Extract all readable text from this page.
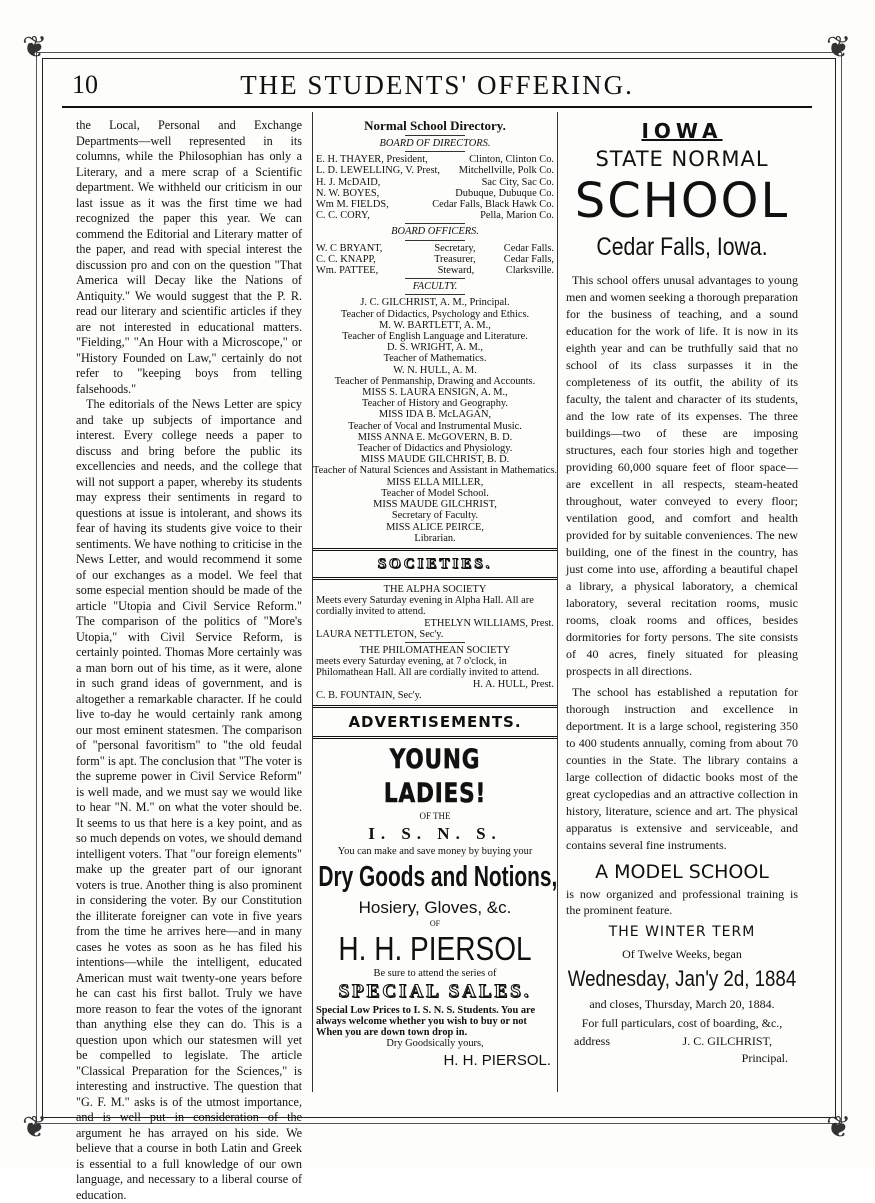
❦	❦
❦	❦
10	THE STUDENTS' OFFERING.

the Local, Personal and Exchange Departments—well represented in its columns, while the Philosophian has only a Literary, and a mere scrap of a Scientific department. We withheld our criticism in our last issue as it was the first time we had recognized the paper this year. We can commend the Editorial and Literary matter of the paper, and read with special interest the discussion pro and con on the question "That America will Decay like the Nations of Antiquity." We would suggest that the P. R. read our literary and scientific articles if they are not interested in educational matters. "Fielding," "An Hour with a Microscope," or "History Founded on Law," certainly do not refer to "keeping boys from telling falsehoods."

The editorials of the News Letter are spicy and take up subjects of importance and interest. Every college needs a paper to discuss and bring before the public its excellencies and needs, and the college that will not support a paper, whereby its students may express their sentiments in regard to questions at issue is intolerant, and shows its fear of having its students give voice to their sentiments. We have nothing to criticise in the News Letter, and would recommend it some of our exchanges as a model. We feel that some especial mention should be made of the article "Utopia and Civil Service Reform." The comparison of the politics of "More's Utopia," with Civil Service Reform, is certainly pointed. Thomas More certainly was a man born out of his time, as it were, alone in such grand ideas of government, and is altogether a remarkable character. If he could live to-day he would certainly rank among our most eminent statesmen. The comparison of "personal favoritism" to "the old feudal form" is apt. The conclusion that "The voter is the supreme power in Civil Service Reform" is well made, and we must say we would like to hear "N. M." on what the voter should be. It seems to us that here is a key point, and as so much depends on votes, we should demand intelligent voters. That "our foreign elements" make up the greater part of our ignorant voters is true. Another thing is also prominent in considering the voter. By our Constitution the illiterate foreigner can vote in five years from the time he arrives here—and in many cases he votes as soon as he has filed his intentions—while the intelligent, educated American must wait twenty-one years before he can cast his first ballot. Truly we have more reason to fear the votes of the ignorant than anything else they can do. This is a question upon which our statesmen will yet be compelled to legislate. The article "Classical Preparation for the Sciences," is interesting and instructive. The question that "G. F. M." asks is of the utmost importance, and is well put in consideration of the argument he has arrayed on his side. We believe that a course in both Latin and Greek is essential to a full knowledge of our own language, and necessary to a liberal course of education.

Normal School Directory.
BOARD OF DIRECTORS.
E. H. THAYER, President,	Clinton, Clinton Co.
L. D. LEWELLING, V. Prest, Mitchellville, Polk Co.
H. J. McDAID,	Sac City, Sac Co.
N. W. BOYES,	Dubuque, Dubuque Co.
Wm M. FIELDS,	Cedar Falls, Black Hawk Co.
C. C. CORY,	Pella, Marion Co.
BOARD OFFICERS.
W. C BRYANT,	Secretary,	Cedar Falls.
C. C. KNAPP,	Treasurer,	Cedar Falls,
Wm. PATTEE,	Steward,	Clarksville.
FACULTY.
J. C. GILCHRIST, A. M., Principal.
Teacher of Didactics, Psychology and Ethics.
M. W. BARTLETT, A. M.,
Teacher of English Language and Literature.
D. S. WRIGHT, A. M.,
Teacher of Mathematics.
W. N. HULL, A. M.
Teacher of Penmanship, Drawing and Accounts.
MISS S. LAURA ENSIGN, A. M.,
Teacher of History and Geography.
MISS IDA B. McLAGAN,
Teacher of Vocal and Instrumental Music.
MISS ANNA E. McGOVERN, B. D.
Teacher of Didactics and Physiology.
MISS MAUDE GILCHRIST, B. D.
Teacher of Natural Sciences and Assistant in Mathematics.
MISS ELLA MILLER,
Teacher of Model School.
MISS MAUDE GILCHRIST,
Secretary of Faculty.
MISS ALICE PEIRCE,
Librarian.
SOCIETIES.
THE ALPHA SOCIETY
Meets every Saturday evening in Alpha Hall. All are cordially invited to attend.
ETHELYN WILLIAMS, Prest.
LAURA NETTLETON, Sec'y.
THE PHILOMATHEAN SOCIETY
meets every Saturday evening, at 7 o'clock, in Philomathean Hall. All are cordially invited to attend.
H. A. HULL, Prest.
C. B. FOUNTAIN, Sec'y.
ADVERTISEMENTS.
YOUNG LADIES!
OF THE
I. S. N. S.
You can make and save money by buying your
Dry Goods and Notions,
Hosiery, Gloves, &c.
OF
H. H. PIERSOL
Be sure to attend the series of
SPECIAL SALES.
Special Low Prices to I. S. N. S. Students. You are always welcome whether you wish to buy or not When you are down town drop in.
Dry Goodsically yours,
H. H. PIERSOL.
IOWA
STATE NORMAL
SCHOOL
Cedar Falls, Iowa.

This school offers unusal advantages to young men and women seeking a thorough preparation for the business of teaching, and a sound education for the work of life. It is now in its eighth year and can be truthfully said that no school of its class surpasses it in the completeness of its outfit, the ability of its faculty, the talent and character of its students, and the low rate of its expenses. The three buildings—two of these are imposing structures, each four stories high and together providing 60,000 square feet of floor space—are excellent in all respects, steam-heated throughout, water conveyed to every floor; ventilation good, and comfort and health provided for by suitable conveniences. The new building, one of the finest in the country, has just come into use, affording a beautiful chapel a library, a physical laboratory, a chemical laboratory, several recitation rooms, music rooms, cloak rooms and offices, besides dormitories for forty persons. The site consists of 40 acres, finely situated for pleasing prospects in all directions.

The school has established a reputation for thorough instruction and excellence in deportment. It is a large school, registering 350 to 400 students annually, coming from about 70 counties in the State. The library contains a large collection of didactic books most of the great cyclopedias and an attractive collection in history, literature, science and art. The physical apparatus is extensive and serviceable, and contains several fine instruments.

A MODEL SCHOOL
is now organized and professional training is the prominent feature.
THE WINTER TERM
Of Twelve Weeks, began
Wednesday, Jan'y 2d, 1884
and closes, Thursday, March 20, 1884.
For full particulars, cost of boarding, &c.,
address	J. C. GILCHRIST,
Principal.
